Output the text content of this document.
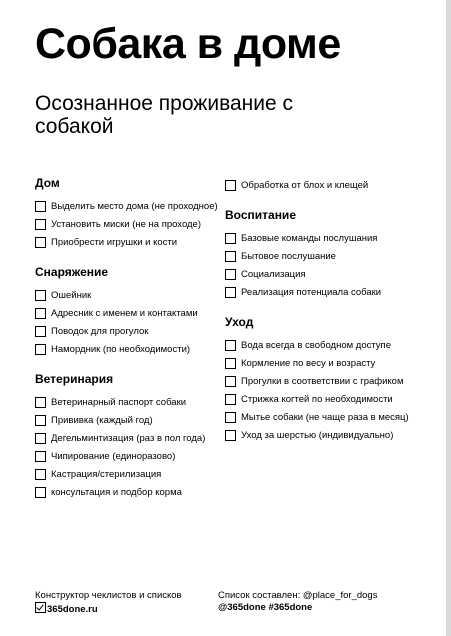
Собака в доме
Осознанное проживание с собакой
Дом
Выделить место дома (не проходное)
Установить миски (не на проходе)
Приобрести игрушки и кости
Снаряжение
Ошейник
Адресник с именем и контактами
Поводок для прогулок
Намордник (по необходимости)
Ветеринария
Ветеринарный паспорт собаки
Прививка (каждый год)
Дегельминтизация (раз в пол года)
Чипирование (единоразово)
Кастрация/стерилизация
консультация и подбор корма
Обработка от блох и клещей
Воспитание
Базовые команды послушания
Бытовое послушание
Социализация
Реализация потенциала собаки
Уход
Вода всегда в свободном доступе
Кормление по весу и возрасту
Прогулки в соответствии с графиком
Стрижка когтей по необходимости
Мытье собаки (не чаще раза в месяц)
Уход за шерстью (индивидуально)
Конструктор чеклистов и списков
365done.ru
Список составлен: @place_for_dogs
@365done #365done
